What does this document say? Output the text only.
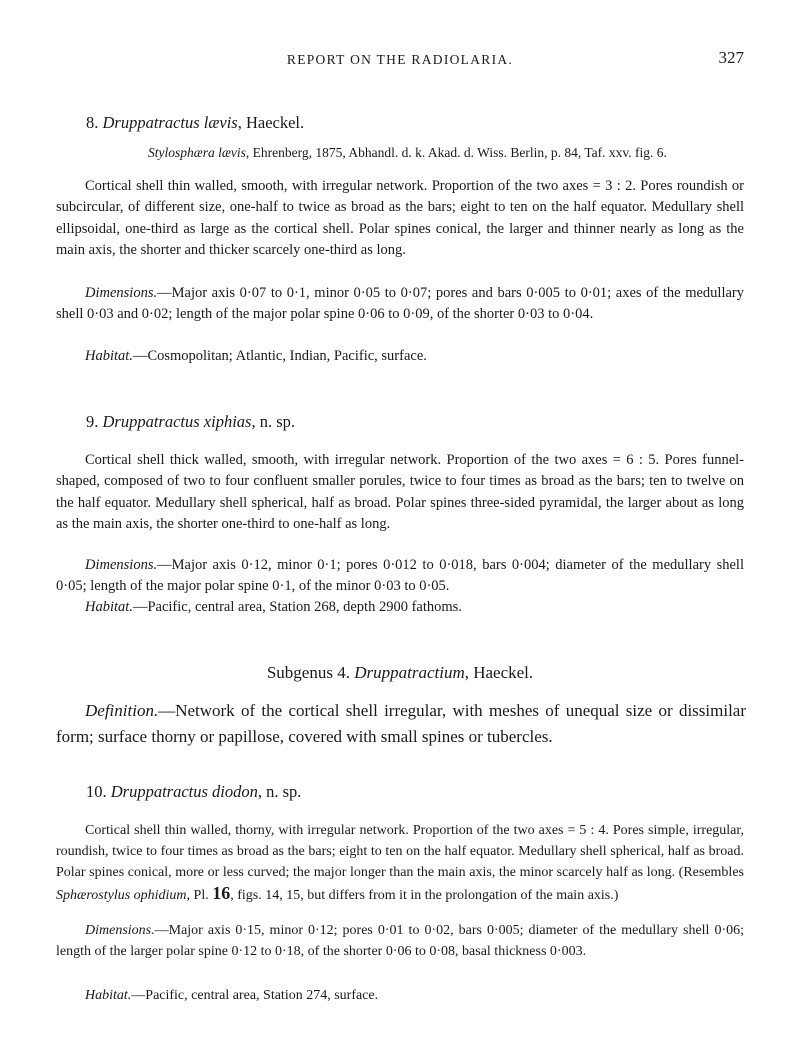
REPORT ON THE RADIOLARIA.	327
8. Druppatractus lævis, Haeckel.
Stylosphæra lævis, Ehrenberg, 1875, Abhandl. d. k. Akad. d. Wiss. Berlin, p. 84, Taf. xxv. fig. 6.

Cortical shell thin walled, smooth, with irregular network. Proportion of the two axes = 3 : 2. Pores roundish or subcircular, of different size, one-half to twice as broad as the bars; eight to ten on the half equator. Medullary shell ellipsoidal, one-third as large as the cortical shell. Polar spines conical, the larger and thinner nearly as long as the main axis, the shorter and thicker scarcely one-third as long.

Dimensions.—Major axis 0·07 to 0·1, minor 0·05 to 0·07; pores and bars 0·005 to 0·01; axes of the medullary shell 0·03 and 0·02; length of the major polar spine 0·06 to 0·09, of the shorter 0·03 to 0·04.

Habitat.—Cosmopolitan; Atlantic, Indian, Pacific, surface.

9. Druppatractus xiphias, n. sp.

Cortical shell thick walled, smooth, with irregular network. Proportion of the two axes = 6 : 5. Pores funnel-shaped, composed of two to four confluent smaller porules, twice to four times as broad as the bars; ten to twelve on the half equator. Medullary shell spherical, half as broad. Polar spines three-sided pyramidal, the larger about as long as the main axis, the shorter one-third to one-half as long.

Dimensions.—Major axis 0·12, minor 0·1; pores 0·012 to 0·018, bars 0·004; diameter of the medullary shell 0·05; length of the major polar spine 0·1, of the minor 0·03 to 0·05.

Habitat.—Pacific, central area, Station 268, depth 2900 fathoms.

Subgenus 4. Druppatractium, Haeckel.

Definition.—Network of the cortical shell irregular, with meshes of unequal size or dissimilar form; surface thorny or papillose, covered with small spines or tubercles.

10. Druppatractus diodon, n. sp.

Cortical shell thin walled, thorny, with irregular network. Proportion of the two axes = 5 : 4. Pores simple, irregular, roundish, twice to four times as broad as the bars; eight to ten on the half equator. Medullary shell spherical, half as broad. Polar spines conical, more or less curved; the major longer than the main axis, the minor scarcely half as long. (Resembles Sphærostylus ophidium, Pl. 16, figs. 14, 15, but differs from it in the prolongation of the main axis.)

Dimensions.—Major axis 0·15, minor 0·12; pores 0·01 to 0·02, bars 0·005; diameter of the medullary shell 0·06; length of the larger polar spine 0·12 to 0·18, of the shorter 0·06 to 0·08, basal thickness 0·003.

Habitat.—Pacific, central area, Station 274, surface.
